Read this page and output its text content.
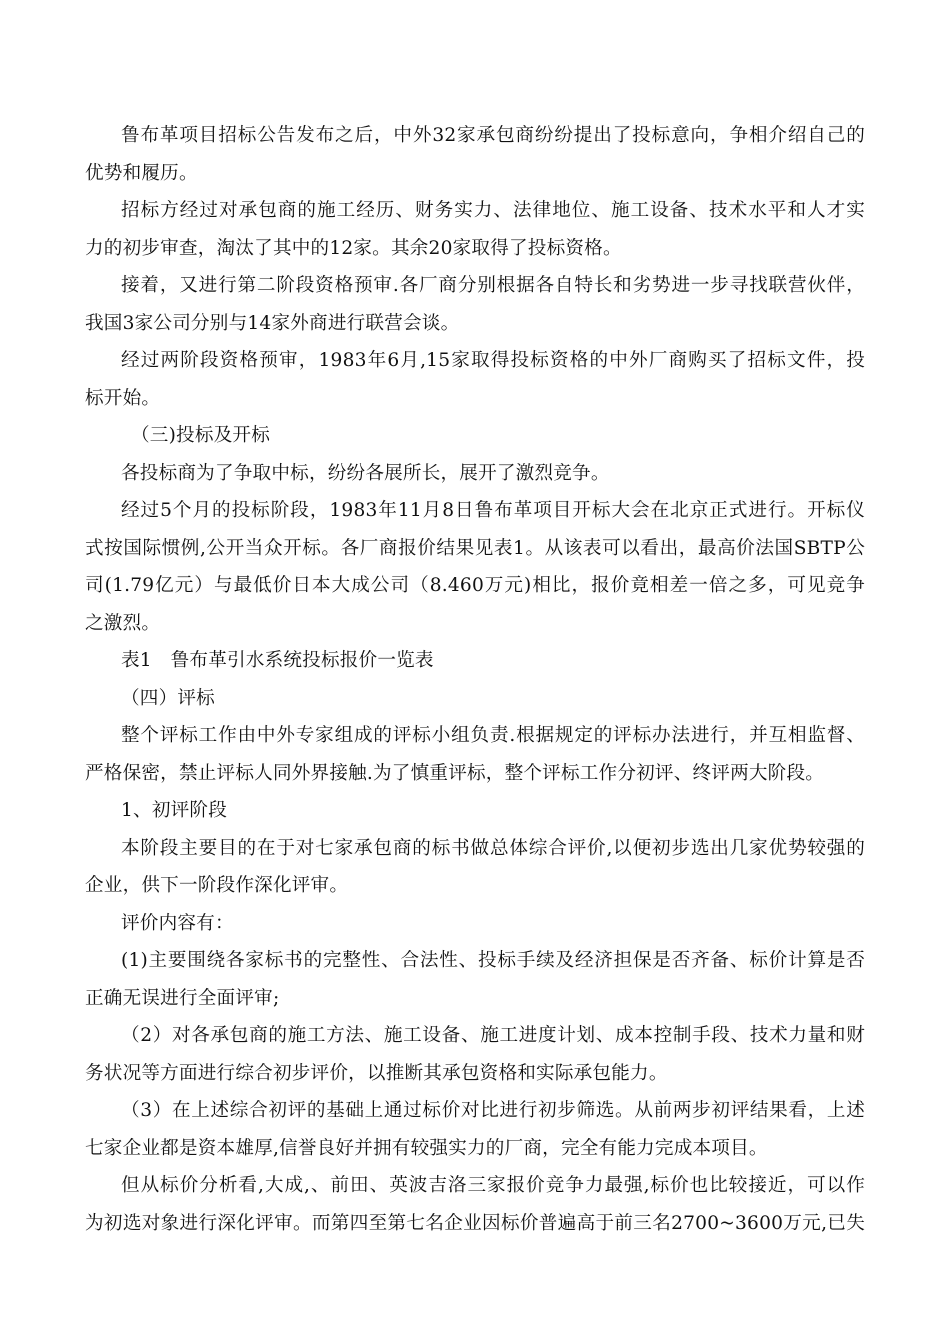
鲁布革项目招标公告发布之后，中外32家承包商纷纷提出了投标意向，争相介绍自己的
优势和履历。
招标方经过对承包商的施工经历、财务实力、法律地位、施工设备、技术水平和人才实
力的初步审查，淘汰了其中的12家。其余20家取得了投标资格。
接着，又进行第二阶段资格预审.各厂商分别根据各自特长和劣势进一步寻找联营伙伴，
我国3家公司分别与14家外商进行联营会谈。
经过两阶段资格预审，1983年6月,15家取得投标资格的中外厂商购买了招标文件，投
标开始。
（三)投标及开标
各投标商为了争取中标，纷纷各展所长，展开了激烈竞争。
经过5个月的投标阶段，1983年11月8日鲁布革项目开标大会在北京正式进行。开标仪
式按国际惯例,公开当众开标。各厂商报价结果见表1。从该表可以看出，最高价法国SBTP公
司(1.79亿元）与最低价日本大成公司（8.460万元)相比，报价竟相差一倍之多，可见竞争
之激烈。
表1　鲁布革引水系统投标报价一览表
（四）评标
整个评标工作由中外专家组成的评标小组负责.根据规定的评标办法进行，并互相监督、
严格保密，禁止评标人同外界接触.为了慎重评标，整个评标工作分初评、终评两大阶段。
1、初评阶段
本阶段主要目的在于对七家承包商的标书做总体综合评价,以便初步选出几家优势较强的
企业，供下一阶段作深化评审。
评价内容有：
(1)主要围绕各家标书的完整性、合法性、投标手续及经济担保是否齐备、标价计算是否
正确无误进行全面评审;
（2）对各承包商的施工方法、施工设备、施工进度计划、成本控制手段、技术力量和财
务状况等方面进行综合初步评价，以推断其承包资格和实际承包能力。
（3）在上述综合初评的基础上通过标价对比进行初步筛选。从前两步初评结果看，上述
七家企业都是资本雄厚,信誉良好并拥有较强实力的厂商，完全有能力完成本项目。
但从标价分析看,大成,、前田、英波吉洛三家报价竞争力最强,标价也比较接近，可以作
为初选对象进行深化评审。而第四至第七名企业因标价普遍高于前三名2700~3600万元,已失
